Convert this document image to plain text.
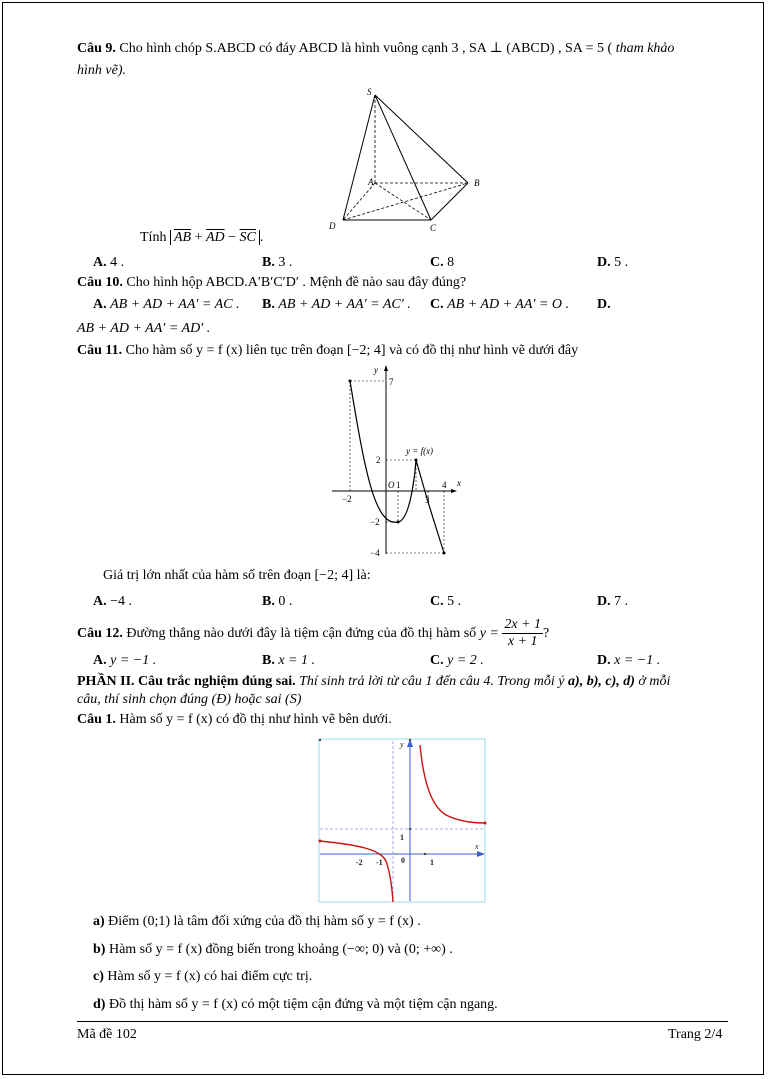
Câu 9. Cho hình chóp S.ABCD có đáy ABCD là hình vuông cạnh 3 , SA ⊥ (ABCD) , SA = 5 ( tham khảo
hình vẽ).
S
A	B
C
D
Tính $\overline{AB} + \overline{AD} - \overline{SC}$ .
A. 4 .	B. 3 .	C. 8	D. 5 .
Câu 10. Cho hình hộp ABCD.A′B′C′D′ . Mệnh đề nào sau đây đúng?
A. AB + AD + AA′ = AC . B. AB + AD + AA′ = AC′ . C. AB + AD + AA′ = O . D.
AB + AD + AA′ = AD′ .
Câu 11. Cho hàm số y = f (x) liên tục trên đoạn [−2; 4] và có đồ thị như hình vẽ dưới đây
y
x
y = f(x)
7
2
−2
−4
−2
O 1
3
4
Giá trị lớn nhất của hàm số trên đoạn [−2; 4] là:
A. −4 .	B. 0 .	C. 5 .	D. 7 .
Câu 12. Đường thẳng nào dưới đây là tiệm cận đứng của đồ thị hàm số $y = \frac{2x + 1}{x + 1}$ ?
A. y = −1 .	B. x = 1 .	C. y = 2 .	D. x = −1 .
PHẦN II. Câu trắc nghiệm đúng sai. Thí sinh trả lời từ câu 1 đến câu 4. Trong mỗi ý a), b), c), d) ở mỗi
câu, thí sinh chọn đúng (Đ) hoặc sai (S)
Câu 1. Hàm số y = f (x) có đồ thị như hình vẽ bên dưới.
y
x
1
-2 -1 0	1
a) Điểm (0;1) là tâm đối xứng của đồ thị hàm số y = f (x) .
b) Hàm số y = f (x) đồng biến trong khoảng (−∞; 0) và (0; +∞) .
c) Hàm số y = f (x) có hai điểm cực trị.
d) Đồ thị hàm số y = f (x) có một tiệm cận đứng và một tiệm cận ngang.
Mã đề 102	Trang 2/4
